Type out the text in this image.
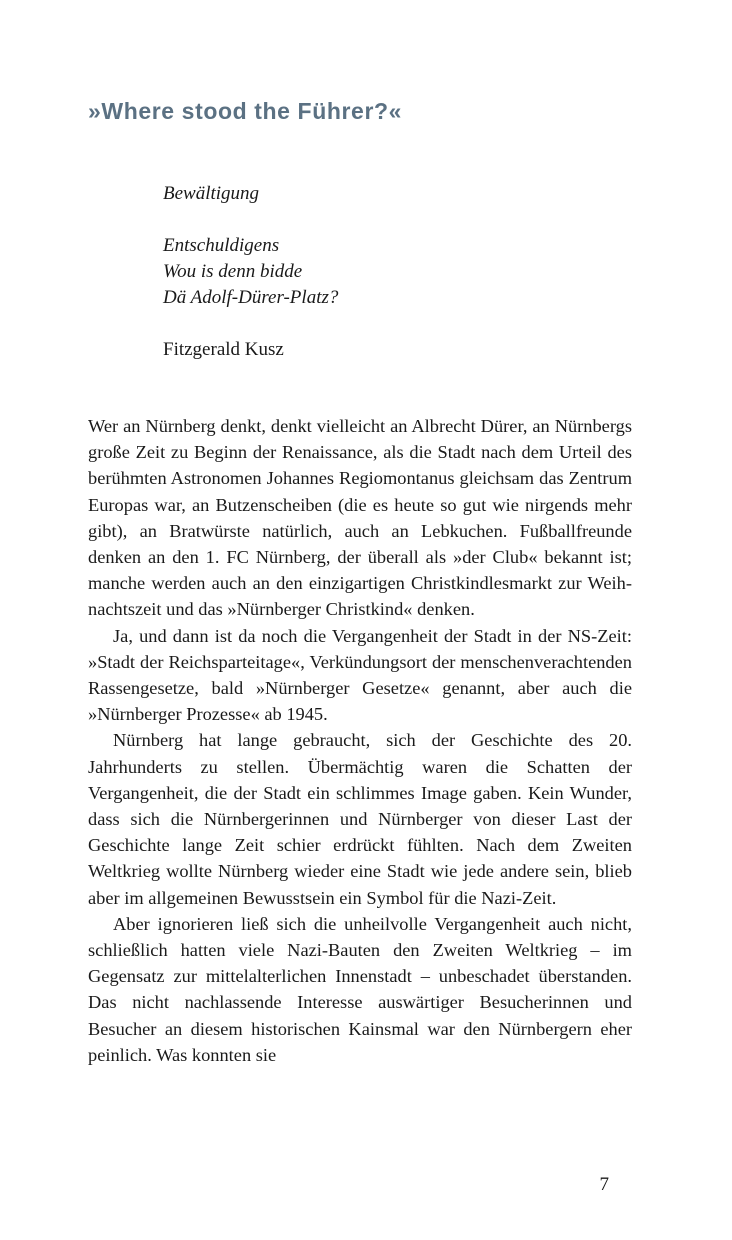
»Where stood the Führer?«
Bewältigung
Entschuldigens
Wou is denn bidde
Dä Adolf-Dürer-Platz?
Fitzgerald Kusz

Wer an Nürnberg denkt, denkt vielleicht an Albrecht Dürer, an Nürnbergs große Zeit zu Beginn der Renaissance, als die Stadt nach dem Urteil des berühmten Astronomen Johannes Regiomontanus gleichsam das Zentrum Europas war, an Butzenscheiben (die es heute so gut wie nirgends mehr gibt), an Bratwürste natürlich, auch an Lebkuchen. Fußballfreunde denken an den 1. FC Nürnberg, der überall als »der Club« bekannt ist; manche werden auch an den einzigartigen Christkindlesmarkt zur Weihnachtszeit und das »Nürnberger Christkind« denken.

Ja, und dann ist da noch die Vergangenheit der Stadt in der NS-Zeit: »Stadt der Reichsparteitage«, Verkündungsort der menschenverachtenden Rassengesetze, bald »Nürnberger Gesetze« genannt, aber auch die »Nürnberger Prozesse« ab 1945.

Nürnberg hat lange gebraucht, sich der Geschichte des 20. Jahrhunderts zu stellen. Übermächtig waren die Schatten der Vergangenheit, die der Stadt ein schlimmes Image gaben. Kein Wunder, dass sich die Nürnbergerinnen und Nürnberger von dieser Last der Geschichte lange Zeit schier erdrückt fühlten. Nach dem Zweiten Weltkrieg wollte Nürnberg wieder eine Stadt wie jede andere sein, blieb aber im allgemeinen Bewusstsein ein Symbol für die Nazi-Zeit.

Aber ignorieren ließ sich die unheilvolle Vergangenheit auch nicht, schließlich hatten viele Nazi-Bauten den Zweiten Weltkrieg – im Gegensatz zur mittelalterlichen Innenstadt – unbeschadet überstanden. Das nicht nachlassende Interesse auswärtiger Besucherinnen und Besucher an diesem historischen Kainsmal war den Nürnbergern eher peinlich. Was konnten sie

7
